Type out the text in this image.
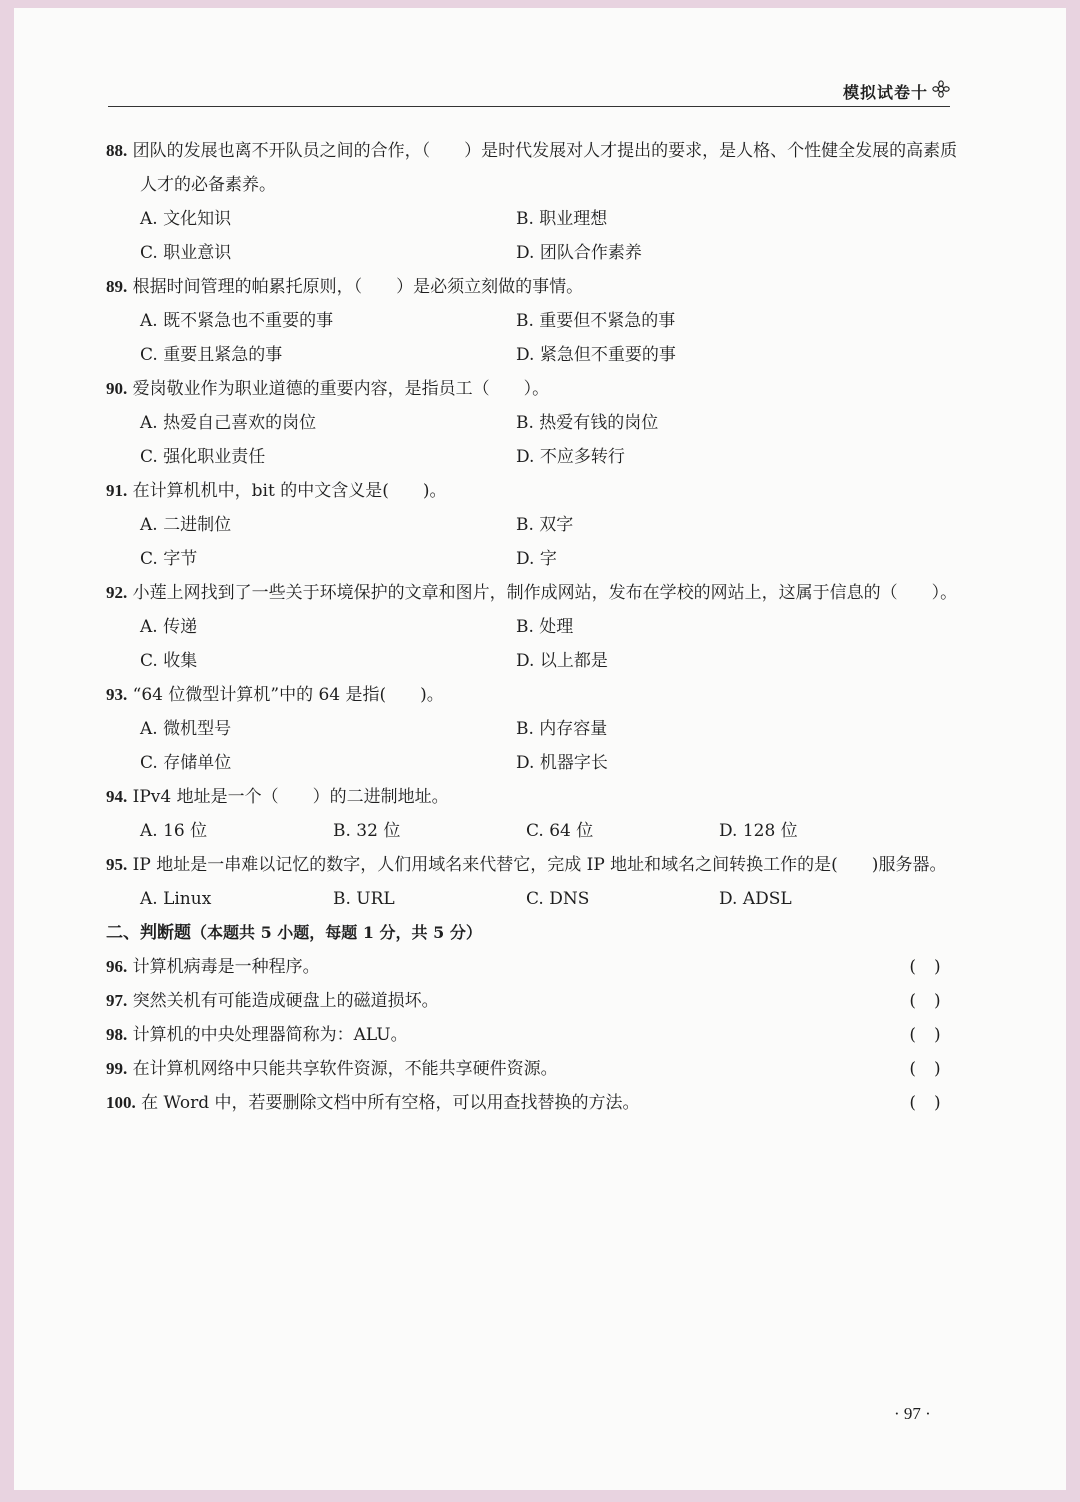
模拟试卷十
88. 团队的发展也离不开队员之间的合作，（　　）是时代发展对人才提出的要求，是人格、个性健全发展的高素质人才的必备素养。
A. 文化知识	B. 职业理想
C. 职业意识	D. 团队合作素养
89. 根据时间管理的帕累托原则，（　　）是必须立刻做的事情。
A. 既不紧急也不重要的事	B. 重要但不紧急的事
C. 重要且紧急的事	D. 紧急但不重要的事
90. 爱岗敬业作为职业道德的重要内容，是指员工（　　）。
A. 热爱自己喜欢的岗位	B. 热爱有钱的岗位
C. 强化职业责任	D. 不应多转行
91. 在计算机机中，bit 的中文含义是(　　)。
A. 二进制位	B. 双字
C. 字节	D. 字
92. 小莲上网找到了一些关于环境保护的文章和图片，制作成网站，发布在学校的网站上，这属于信息的（　　）。
A. 传递	B. 处理
C. 收集	D. 以上都是
93. “64 位微型计算机”中的 64 是指(　　)。
A. 微机型号	B. 内存容量
C. 存储单位	D. 机器字长
94. IPv4 地址是一个（　　）的二进制地址。
A. 16 位	B. 32 位	C. 64 位	D. 128 位
95. IP 地址是一串难以记忆的数字，人们用域名来代替它，完成 IP 地址和域名之间转换工作的是(　　)服务器。
A. Linux	B. URL	C. DNS	D. ADSL
二、判断题（本题共 5 小题，每题 1 分，共 5 分）
96. 计算机病毒是一种程序。	()
97. 突然关机有可能造成硬盘上的磁道损坏。	()
98. 计算机的中央处理器简称为：ALU。	()
99. 在计算机网络中只能共享软件资源，不能共享硬件资源。	()
100. 在 Word 中，若要删除文档中所有空格，可以用查找替换的方法。	()
· 97 ·
